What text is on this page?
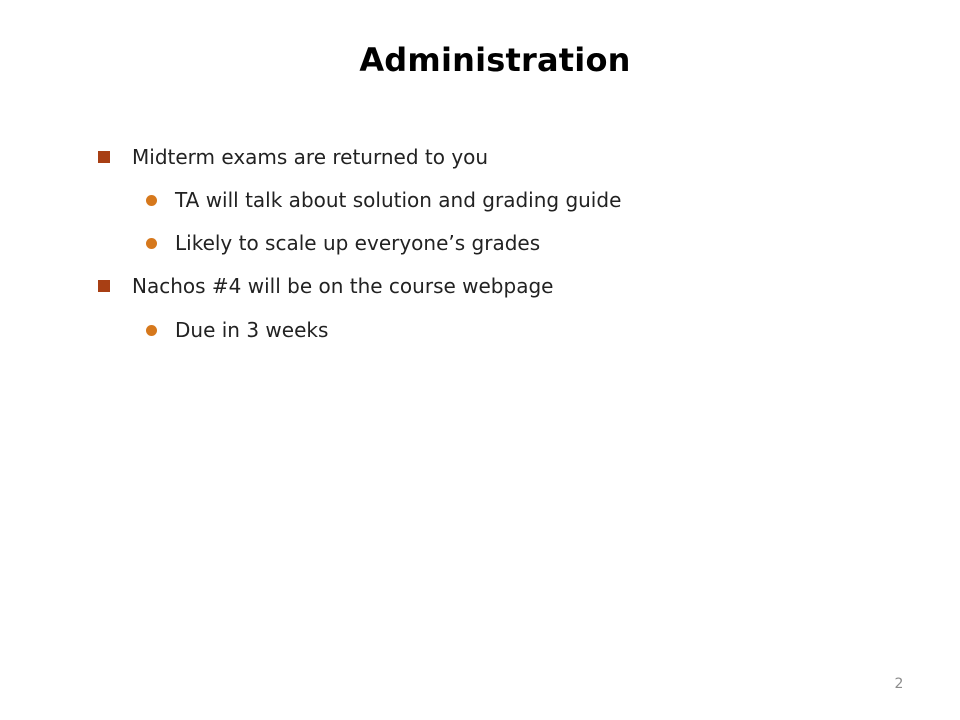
Administration
Midterm exams are returned to you
TA will talk about solution and grading guide
Likely to scale up everyone’s grades
Nachos #4 will be on the course webpage
Due in 3 weeks
2
